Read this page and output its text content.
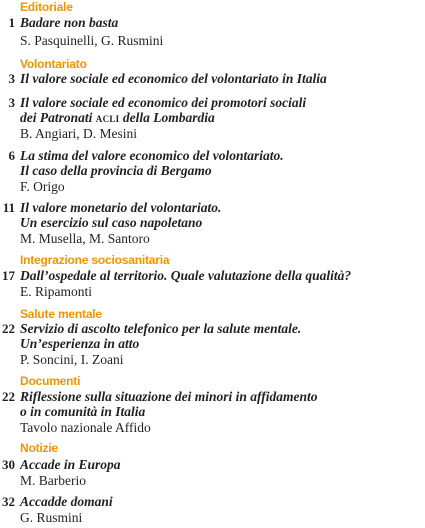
Editoriale
1 Badare non basta
S. Pasquinelli, G. Rusmini
Volontariato
3 Il valore sociale ed economico del volontariato in Italia
3 Il valore sociale ed economico dei promotori sociali
dei Patronati acli della Lombardia
B. Angiari, D. Mesini
6 La stima del valore economico del volontariato.
Il caso della provincia di Bergamo
F. Origo
11 Il valore monetario del volontariato.
Un esercizio sul caso napoletano
M. Musella, M. Santoro
Integrazione sociosanitaria
17 Dall’ospedale al territorio. Quale valutazione della qualità?
E. Ripamonti
Salute mentale
22 Servizio di ascolto telefonico per la salute mentale.
Un’esperienza in atto
P. Soncini, I. Zoani
Documenti
22 Riflessione sulla situazione dei minori in affidamento
o in comunità in Italia
Tavolo nazionale Affido
Notizie
30 Accade in Europa
M. Barberio
32 Accadde domani
G. Rusmini
